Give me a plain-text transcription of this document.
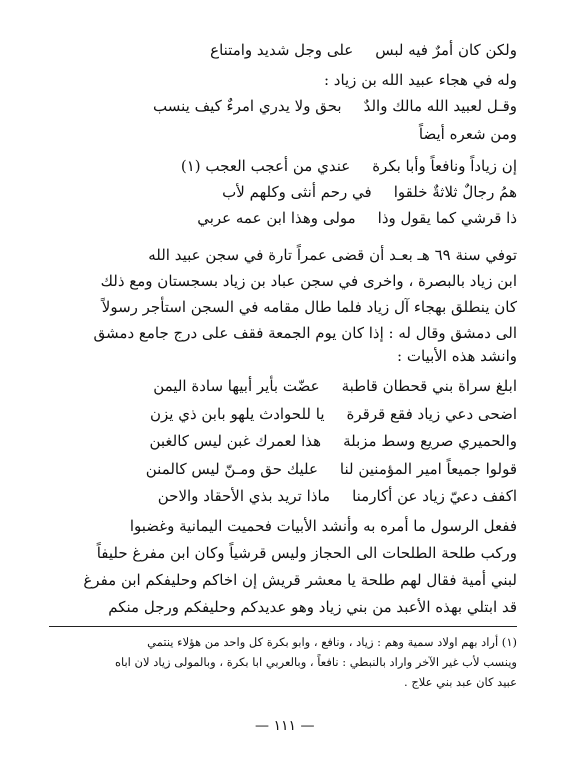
ولكن كان أمرٌ فيه لبس
على وجل شديد وامتناع
وله في هجاء عبيد الله بن زياد :
وقـل لعبيد الله مالك والدٌ
بحق ولا يدري امرءٌ كيف ينسب
ومن شعره أيضاً
إن زياداً ونافعاً وأبا بكرة
عندي من أعجب العجب (١)
همُ رجالٌ ثلاثةٌ خلقوا
في رحم أنثى وكلهم لأب
ذا قرشي كما يقول وذا
مولى وهذا ابن عمه عربي
توفي سنة ٦٩ هـ بعـد أن قضى عمراً تارة في سجن عبيد الله
ابن زياد بالبصرة ، واخرى في سجن عباد بن زياد بسجستان ومع ذلك
كان ينطلق بهجاء آل زياد فلما طال مقامه في السجن استأجر رسولاً
الى دمشق وقال له : إذا كان يوم الجمعة فقف على درج جامع دمشق
وانشد هذه الأبيات :
ابلغ سراة بني قحطان قاطبة
عضّت بأير أبيها سادة اليمن
اضحى دعي زياد فقع قرقرة
يا للحوادث يلهو بابن ذي يزن
والحميري صريع وسط مزبلة
هذا لعمرك غبن ليس كالغبن
قولوا جميعاً امير المؤمنين لنا
عليك حق ومـنّ ليس كالمنن
اكفف دعيّ زياد عن أكارمنا
ماذا تريد بذي الأحقاد والاحن
ففعل الرسول ما أمره به وأنشد الأبيات فحميت اليمانية وغضبوا
وركب طلحة الطلحات الى الحجاز وليس قرشياً وكان ابن مفرغ حليفاً
لبني أمية فقال لهم طلحة يا معشر قريش إن اخاكم وحليفكم ابن مفرغ
قد ابتلي بهذه الأعبد من بني زياد وهو عديدكم وحليفكم ورجل منكم
(١) أراد بهم اولاد سمية وهم : زياد ، ونافع ، وابو بكرة كل واحد من هؤلاء ينتمي
وينسب لأب غير الآخر واراد بالنبطي : نافعاً ، وبالعربي ابا بكرة ، وبالمولى زياد لان اباه
عبيد كان عبد بني علاج .
— ١١١ —
